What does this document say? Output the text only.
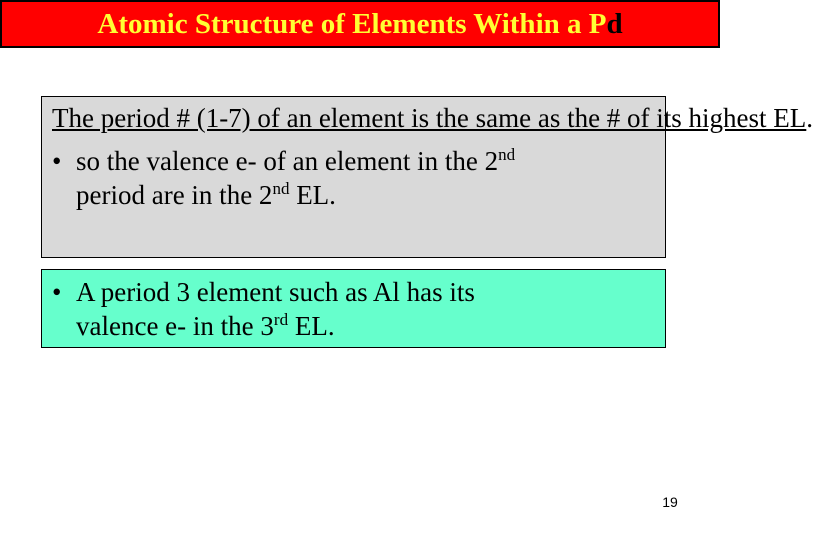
Atomic Structure of Elements Within a Pd

The period # (1-7) of an element is the same as the # of its highest EL.

• so the valence e- of an element in the 2nd
period are in the 2nd EL.

• A period 3 element such as Al has its
valence e- in the 3rd EL.

19
